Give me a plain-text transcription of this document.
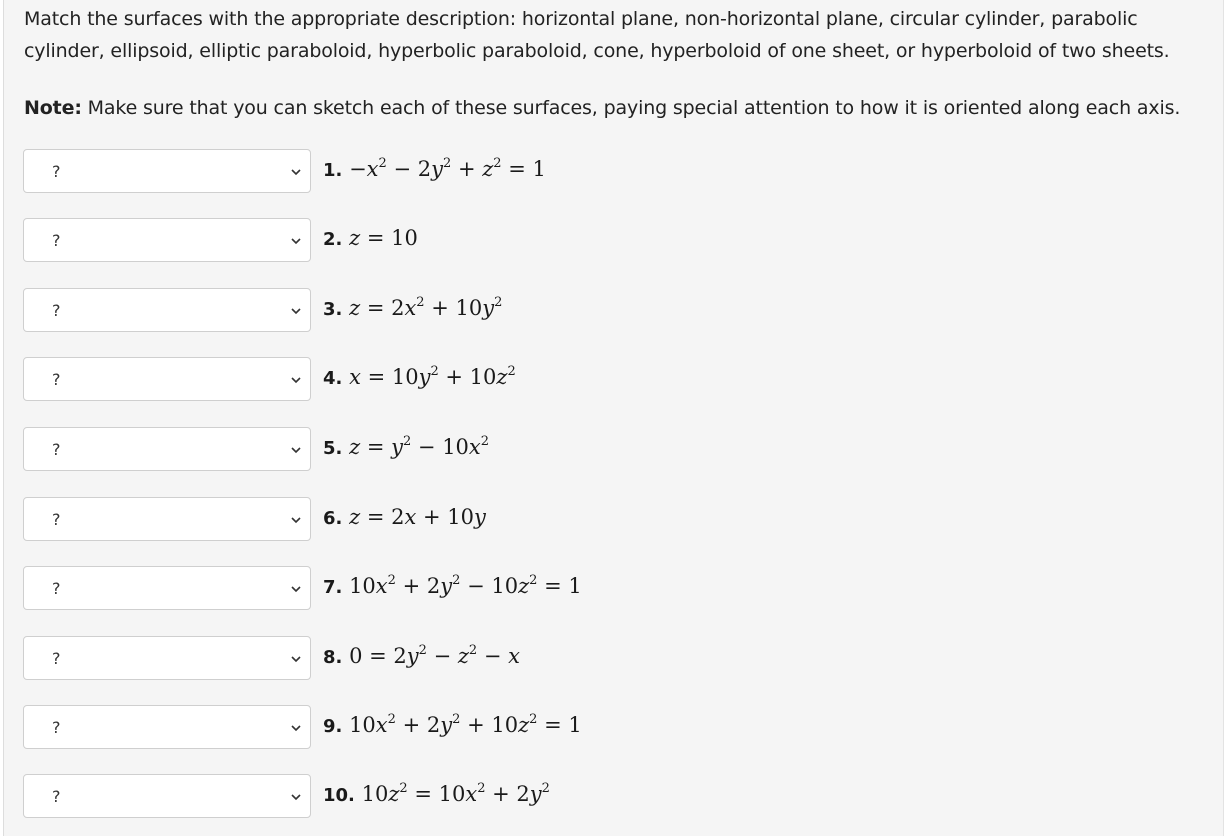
Match the surfaces with the appropriate description: horizontal plane, non-horizontal plane, circular cylinder, parabolic cylinder, ellipsoid, elliptic paraboloid, hyperbolic paraboloid, cone, hyperboloid of one sheet, or hyperboloid of two sheets.
Note: Make sure that you can sketch each of these surfaces, paying special attention to how it is oriented along each axis.
?	1. $-x^2 - 2y^2 + z^2 = 1$
?	2. z = 10
?	3. $z = 2x^2 + 10y^2$
?	4. $x = 10y^2 + 10z^2$
?	5. $z = y^2 - 10x^2$
?	6. z = 2x + 10y
?	7. $10x^2 + 2y^2 - 10z^2 = 1$
?	8. $0 = 2y^2 - z^2 - x$
?	9. $10x^2 + 2y^2 + 10z^2 = 1$
?	10. $10z^2 = 10x^2 + 2y^2$
